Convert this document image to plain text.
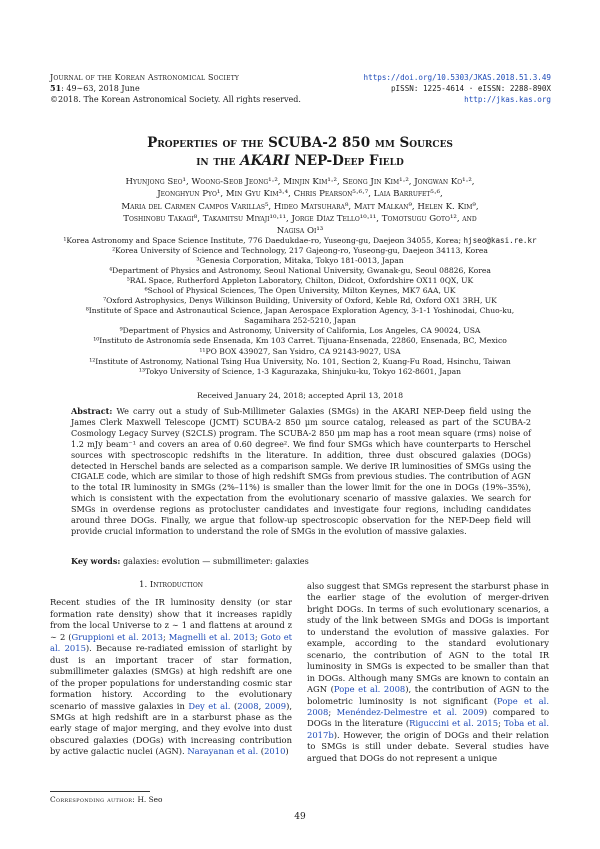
Journal of the Korean Astronomical Society
51: 49∼63, 2018 June
©2018. The Korean Astronomical Society. All rights reserved.
https://doi.org/10.5303/JKAS.2018.51.3.49
pISSN: 1225-4614 · eISSN: 2288-890X
http://jkas.kas.org
Properties of the SCUBA-2 850 μm Sources
in the AKARI NEP-Deep Field
Hyunjong Seo¹, Woong-Seob Jeong¹·², Minjin Kim¹·², Seong Jin Kim¹·², Jongwan Ko¹·²,
Jeonghyun Pyo¹, Min Gyu Kim³·⁴, Chris Pearson⁵·⁶·⁷, Laia Barrufet⁵·⁶,
Maria del Carmen Campos Varillas⁵, Hideo Matsuhara⁸, Matt Malkan⁹, Helen K. Kim⁹,
Toshinobu Takagi⁸, Takamitsu Miyaji¹⁰·¹¹, Jorge Díaz Tello¹⁰·¹¹, Tomotsugu Goto¹², and
Nagisa Oi¹³
¹Korea Astronomy and Space Science Institute, 776 Daedukdae-ro, Yuseong-gu, Daejeon 34055, Korea; hjseo@kasi.re.kr
²Korea University of Science and Technology, 217 Gajeong-ro, Yuseong-gu, Daejeon 34113, Korea
³Genesia Corporation, Mitaka, Tokyo 181-0013, Japan
⁴Department of Physics and Astronomy, Seoul National University, Gwanak-gu, Seoul 08826, Korea
⁵RAL Space, Rutherford Appleton Laboratory, Chilton, Didcot, Oxfordshire OX11 0QX, UK
⁶School of Physical Sciences, The Open University, Milton Keynes, MK7 6AA, UK
⁷Oxford Astrophysics, Denys Wilkinson Building, University of Oxford, Keble Rd, Oxford OX1 3RH, UK
⁸Institute of Space and Astronautical Science, Japan Aerospace Exploration Agency, 3-1-1 Yoshinodai, Chuo-ku,
Sagamihara 252-5210, Japan
⁹Department of Physics and Astronomy, University of California, Los Angeles, CA 90024, USA
¹⁰Instituto de Astronomía sede Ensenada, Km 103 Carret. Tijuana-Ensenada, 22860, Ensenada, BC, Mexico
¹¹PO BOX 439027, San Ysidro, CA 92143-9027, USA
¹²Institute of Astronomy, National Tsing Hua University, No. 101, Section 2, Kuang-Fu Road, Hsinchu, Taiwan
¹³Tokyo University of Science, 1-3 Kagurazaka, Shinjuku-ku, Tokyo 162-8601, Japan
Received January 24, 2018; accepted April 13, 2018
Abstract: We carry out a study of Sub-Millimeter Galaxies (SMGs) in the AKARI NEP-Deep field using the James Clerk Maxwell Telescope (JCMT) SCUBA-2 850 μm source catalog, released as part of the SCUBA-2 Cosmology Legacy Survey (S2CLS) program. The SCUBA-2 850 μm map has a root mean square (rms) noise of 1.2 mJy beam⁻¹ and covers an area of 0.60 degree². We find four SMGs which have counterparts to Herschel sources with spectroscopic redshifts in the literature. In addition, three dust obscured galaxies (DOGs) detected in Herschel bands are selected as a comparison sample. We derive IR luminosities of SMGs using the CIGALE code, which are similar to those of high redshift SMGs from previous studies. The contribution of AGN to the total IR luminosity in SMGs (2%–11%) is smaller than the lower limit for the one in DOGs (19%–35%), which is consistent with the expectation from the evolutionary scenario of massive galaxies. We search for SMGs in overdense regions as protocluster candidates and investigate four regions, including candidates around three DOGs. Finally, we argue that follow-up spectroscopic observation for the NEP-Deep field will provide crucial information to understand the role of SMGs in the evolution of massive galaxies.
Key words: galaxies: evolution — submillimeter: galaxies
1. Introduction

Recent studies of the IR luminosity density (or star formation rate density) show that it increases rapidly from the local Universe to z ∼ 1 and flattens at around z ∼ 2 (Gruppioni et al. 2013; Magnelli et al. 2013; Goto et al. 2015). Because re-radiated emission of starlight by dust is an important tracer of star formation, submillimeter galaxies (SMGs) at high redshift are one of the proper populations for understanding cosmic star formation history. According to the evolutionary scenario of massive galaxies in Dey et al. (2008, 2009), SMGs at high redshift are in a starburst phase as the early stage of major merging, and they evolve into dust obscured galaxies (DOGs) with increasing contribution by active galactic nuclei (AGN). Narayanan et al. (2010)

also suggest that SMGs represent the starburst phase in the earlier stage of the evolution of merger-driven bright DOGs. In terms of such evolutionary scenarios, a study of the link between SMGs and DOGs is important to understand the evolution of massive galaxies. For example, according to the standard evolutionary scenario, the contribution of AGN to the total IR luminosity in SMGs is expected to be smaller than that in DOGs. Although many SMGs are known to contain an AGN (Pope et al. 2008), the contribution of AGN to the bolometric luminosity is not significant (Pope et al. 2008; Menéndez-Delmestre et al. 2009) compared to DOGs in the literature (Riguccini et al. 2015; Toba et al. 2017b). However, the origin of DOGs and their relation to SMGs is still under debate. Several studies have argued that DOGs do not represent a unique

Corresponding author: H. Seo
49
